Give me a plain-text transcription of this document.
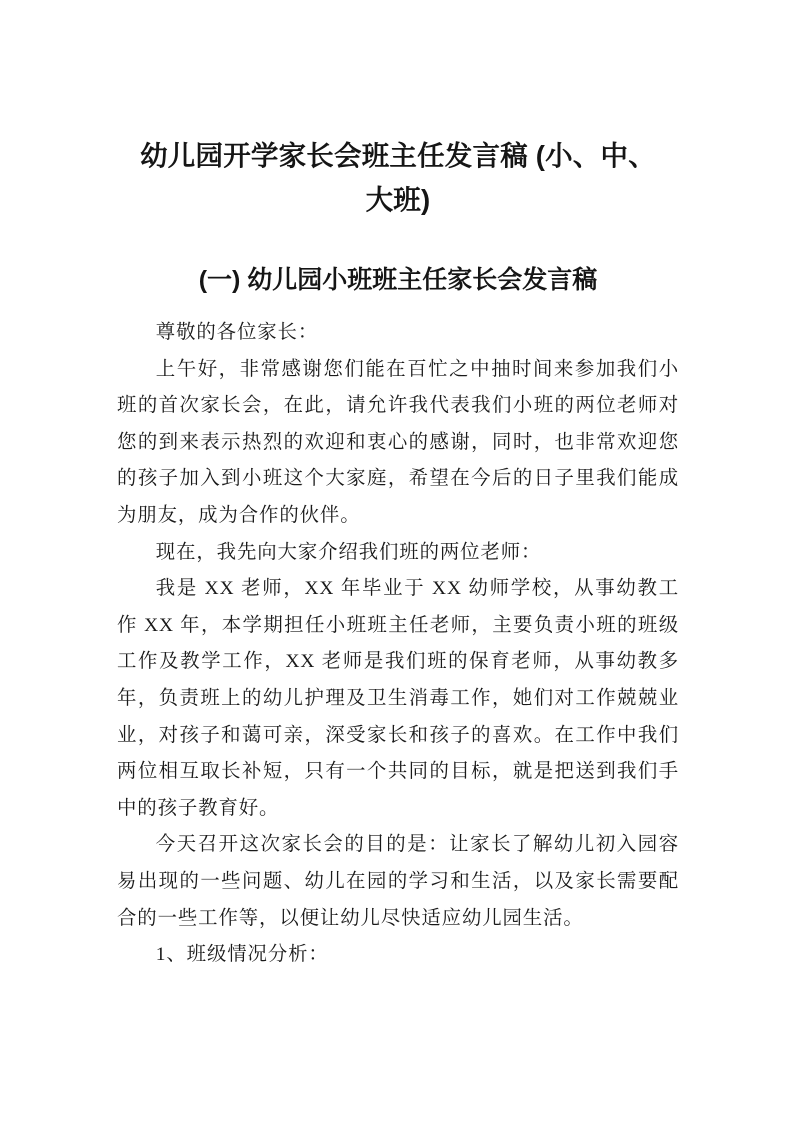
幼儿园开学家长会班主任发言稿 (小、中、
大班)
(一) 幼儿园小班班主任家长会发言稿

尊敬的各位家长：

上午好，非常感谢您们能在百忙之中抽时间来参加我们小班的首次家长会，在此，请允许我代表我们小班的两位老师对您的到来表示热烈的欢迎和衷心的感谢，同时，也非常欢迎您的孩子加入到小班这个大家庭，希望在今后的日子里我们能成为朋友，成为合作的伙伴。

现在，我先向大家介绍我们班的两位老师：

我是 XX 老师，XX 年毕业于 XX 幼师学校，从事幼教工作 XX 年，本学期担任小班班主任老师，主要负责小班的班级工作及教学工作，XX 老师是我们班的保育老师，从事幼教多年，负责班上的幼儿护理及卫生消毒工作，她们对工作兢兢业业，对孩子和蔼可亲，深受家长和孩子的喜欢。在工作中我们两位相互取长补短，只有一个共同的目标，就是把送到我们手中的孩子教育好。

今天召开这次家长会的目的是：让家长了解幼儿初入园容易出现的一些问题、幼儿在园的学习和生活，以及家长需要配合的一些工作等，以便让幼儿尽快适应幼儿园生活。

1、班级情况分析：
